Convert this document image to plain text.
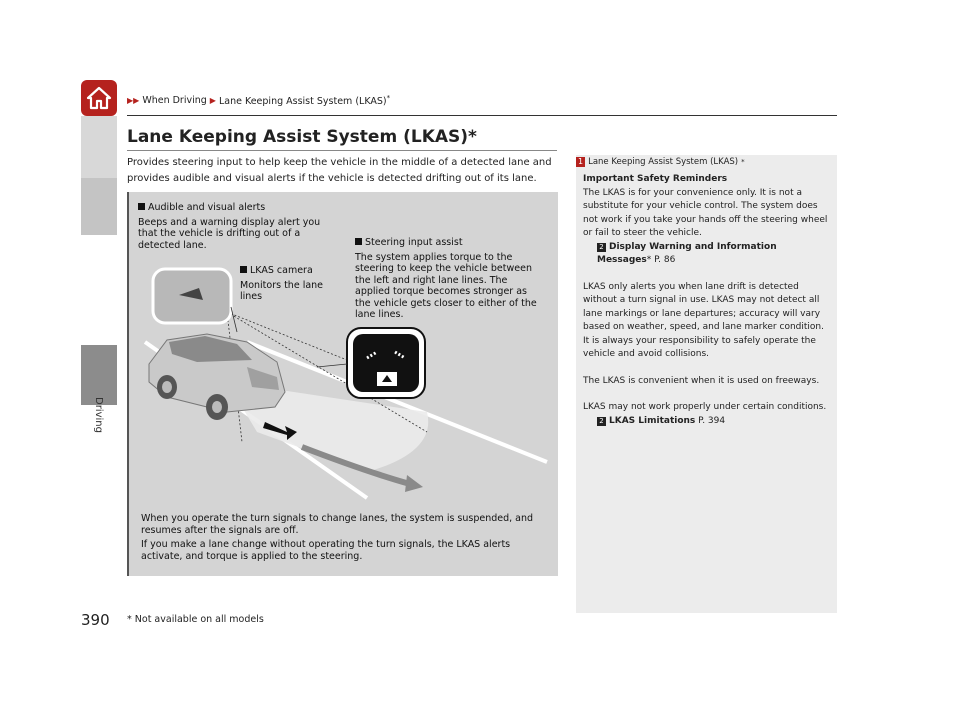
Driving
▶▶ When Driving ▶ Lane Keeping Assist System (LKAS)*
Lane Keeping Assist System (LKAS)*
Provides steering input to help keep the vehicle in the middle of a detected lane and provides audible and visual alerts if the vehicle is detected drifting out of its lane.
Audible and visual alerts
Beeps and a warning display alert you that the vehicle is drifting out of a detected lane.	Steering input assist
The system applies torque to the steering to keep the vehicle between the left and right lane lines. The applied torque becomes stronger as the vehicle gets closer to either of the lane lines.
LKAS camera
Monitors the lane lines
When you operate the turn signals to change lanes, the system is suspended, and resumes after the signals are off.
If you make a lane change without operating the turn signals, the LKAS alerts activate, and torque is applied to the steering.
1 Lane Keeping Assist System (LKAS) *

Important Safety Reminders
The LKAS is for your convenience only. It is not a substitute for your vehicle control. The system does not work if you take your hands off the steering wheel or fail to steer the vehicle.
2 Display Warning and Information Messages* P. 86

LKAS only alerts you when lane drift is detected without a turn signal in use. LKAS may not detect all lane markings or lane departures; accuracy will vary based on weather, speed, and lane marker condition. It is always your responsibility to safely operate the vehicle and avoid collisions.

The LKAS is convenient when it is used on freeways.

LKAS may not work properly under certain conditions.
2 LKAS Limitations P. 394

390 * Not available on all models
